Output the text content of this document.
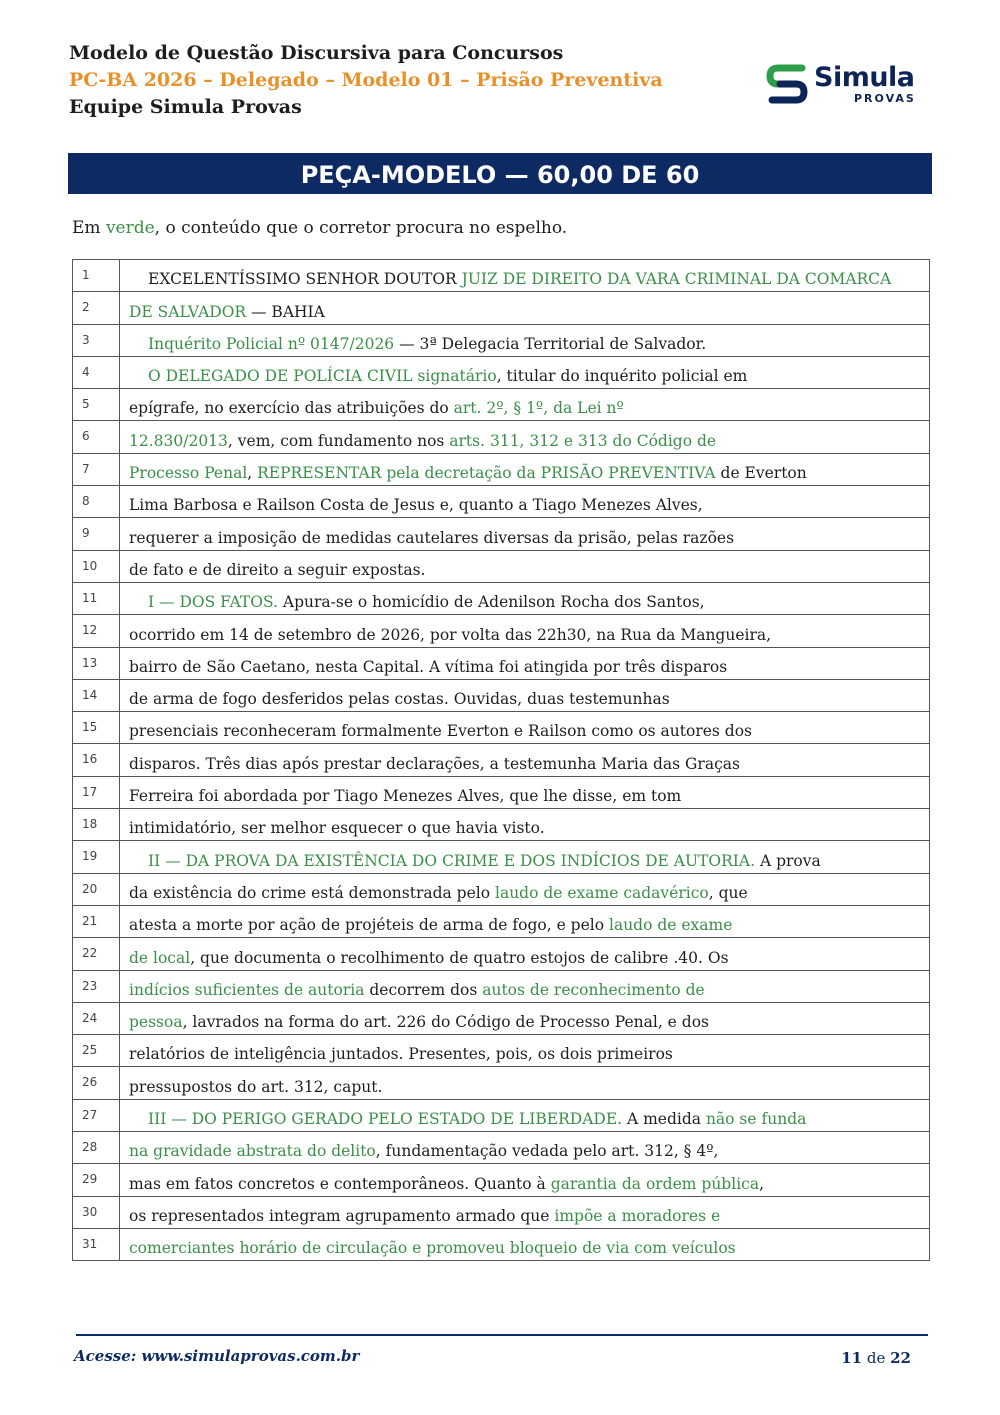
Modelo de Questão Discursiva para Concursos
PC-BA 2026 – Delegado – Modelo 01 – Prisão Preventiva
Equipe Simula Provas
Simula
PROVAS
PEÇA-MODELO — 60,00 DE 60
Em verde, o conteúdo que o corretor procura no espelho.
1	EXCELENTÍSSIMO SENHOR DOUTOR JUIZ DE DIREITO DA VARA CRIMINAL DA COMARCA
2	DE SALVADOR — BAHIA
3	Inquérito Policial nº 0147/2026 — 3ª Delegacia Territorial de Salvador.
4	O DELEGADO DE POLÍCIA CIVIL signatário, titular do inquérito policial em
5	epígrafe, no exercício das atribuições do art. 2º, § 1º, da Lei nº
6	12.830/2013, vem, com fundamento nos arts. 311, 312 e 313 do Código de
7	Processo Penal, REPRESENTAR pela decretação da PRISÃO PREVENTIVA de Everton
8	Lima Barbosa e Railson Costa de Jesus e, quanto a Tiago Menezes Alves,
9	requerer a imposição de medidas cautelares diversas da prisão, pelas razões
10	de fato e de direito a seguir expostas.
11	I — DOS FATOS. Apura-se o homicídio de Adenilson Rocha dos Santos,
12	ocorrido em 14 de setembro de 2026, por volta das 22h30, na Rua da Mangueira,
13	bairro de São Caetano, nesta Capital. A vítima foi atingida por três disparos
14	de arma de fogo desferidos pelas costas. Ouvidas, duas testemunhas
15	presenciais reconheceram formalmente Everton e Railson como os autores dos
16	disparos. Três dias após prestar declarações, a testemunha Maria das Graças
17	Ferreira foi abordada por Tiago Menezes Alves, que lhe disse, em tom
18	intimidatório, ser melhor esquecer o que havia visto.
19	II — DA PROVA DA EXISTÊNCIA DO CRIME E DOS INDÍCIOS DE AUTORIA. A prova
20	da existência do crime está demonstrada pelo laudo de exame cadavérico, que
21	atesta a morte por ação de projéteis de arma de fogo, e pelo laudo de exame
22	de local, que documenta o recolhimento de quatro estojos de calibre .40. Os
23	indícios suficientes de autoria decorrem dos autos de reconhecimento de
24	pessoa, lavrados na forma do art. 226 do Código de Processo Penal, e dos
25	relatórios de inteligência juntados. Presentes, pois, os dois primeiros
26	pressupostos do art. 312, caput.
27	III — DO PERIGO GERADO PELO ESTADO DE LIBERDADE. A medida não se funda
28	na gravidade abstrata do delito, fundamentação vedada pelo art. 312, § 4º,
29	mas em fatos concretos e contemporâneos. Quanto à garantia da ordem pública,
30	os representados integram agrupamento armado que impõe a moradores e
31	comerciantes horário de circulação e promoveu bloqueio de via com veículos
Acesse: www.simulaprovas.com.br	11 de 22
